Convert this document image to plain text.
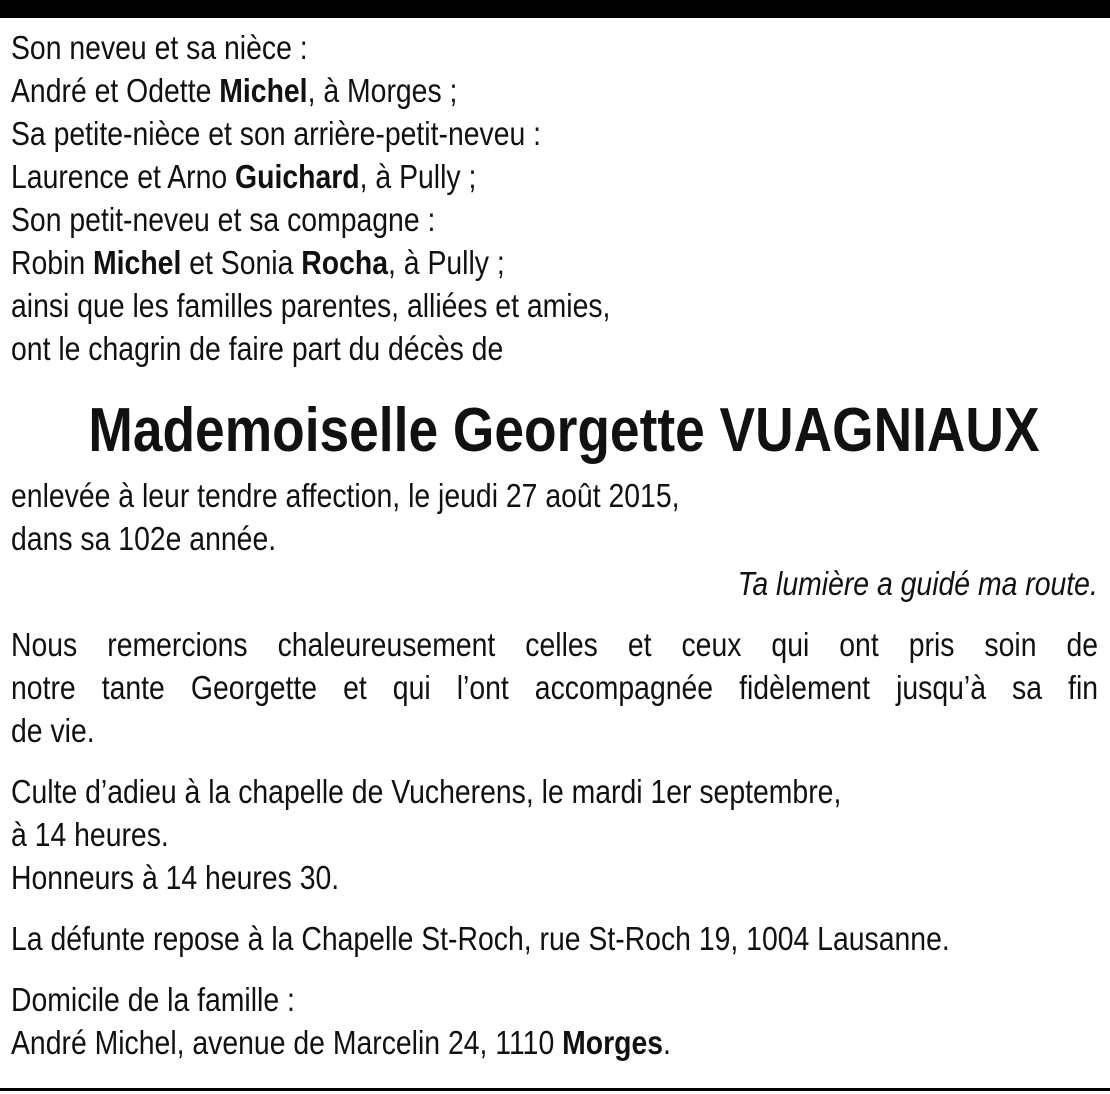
Son neveu et sa nièce :
André et Odette Michel, à Morges ;
Sa petite-nièce et son arrière-petit-neveu :
Laurence et Arno Guichard, à Pully ;
Son petit-neveu et sa compagne :
Robin Michel et Sonia Rocha, à Pully ;
ainsi que les familles parentes, alliées et amies,
ont le chagrin de faire part du décès de
Mademoiselle Georgette VUAGNIAUX
enlevée à leur tendre affection, le jeudi 27 août 2015,
dans sa 102e année.
Ta lumière a guidé ma route.
Nous remercions chaleureusement celles et ceux qui ont pris soin de
notre tante Georgette et qui l’ont accompagnée fidèlement jusqu’à sa fin
de vie.
Culte d’adieu à la chapelle de Vucherens, le mardi 1er septembre,
à 14 heures.
Honneurs à 14 heures 30.
La défunte repose à la Chapelle St-Roch, rue St-Roch 19, 1004 Lausanne.
Domicile de la famille :
André Michel, avenue de Marcelin 24, 1110 Morges.
